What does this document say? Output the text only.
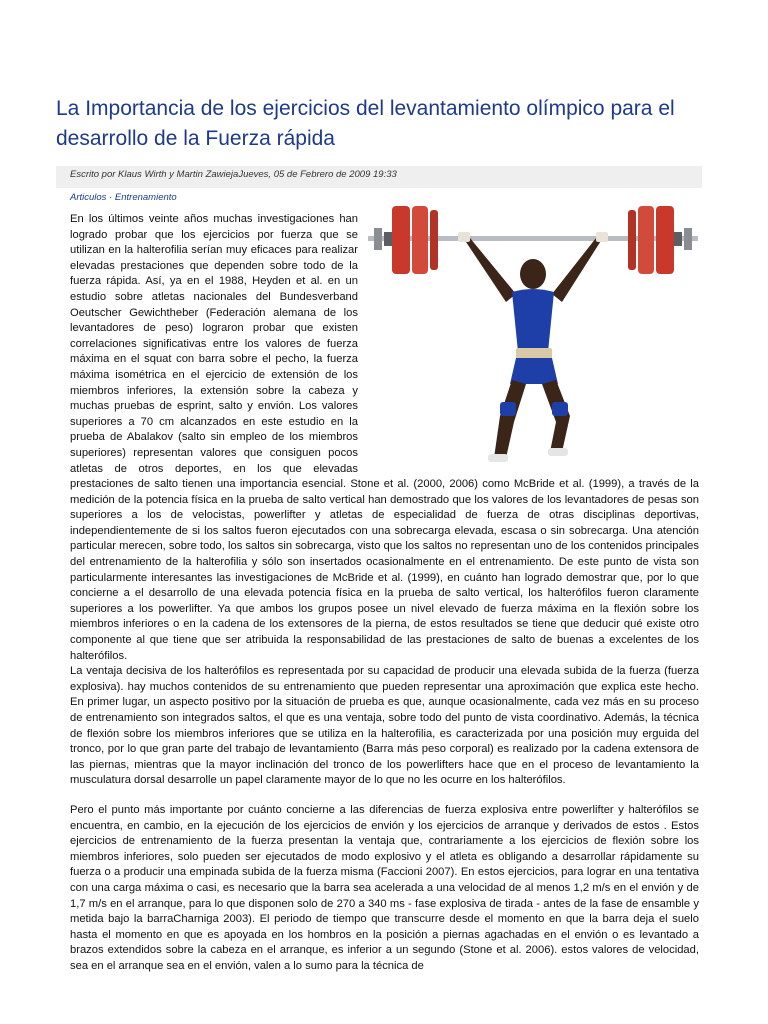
La Importancia de los ejercicios del levantamiento olímpico para el desarrollo de la Fuerza rápida
Escrito por Klaus Wirth y Martin ZawiejaJueves, 05 de Febrero de 2009 19:33
Articulos · Entrenamiento

En los últimos veinte años muchas investigaciones han logrado probar que los ejercicios por fuerza que se utilizan en la halterofilia serían muy eficaces para realizar elevadas prestaciones que dependen sobre todo de la fuerza rápida. Así, ya en el 1988, Heyden et al. en un estudio sobre atletas nacionales del Bundesverband Oeutscher Gewichtheber (Federación alemana de los levantadores de peso) lograron probar que existen correlaciones significativas entre los valores de fuerza máxima en el squat con barra sobre el pecho, la fuerza máxima isométrica en el ejercicio de extensión de los miembros inferiores, la extensión sobre la cabeza y muchas pruebas de esprint, salto y envión. Los valores superiores a 70 cm alcanzados en este estudio en la prueba de Abalakov (salto sin empleo de los miembros superiores) representan valores que consiguen pocos atletas de otros deportes, en los que elevadas prestaciones de salto tienen una importancia esencial. Stone et al. (2000, 2006) como McBride et al. (1999), a través de la medición de la potencia física en la prueba de salto vertical han demostrado que los valores de los levantadores de pesas son superiores a los de velocistas, powerlifter y atletas de especialidad de fuerza de otras disciplinas deportivas, independientemente de si los saltos fueron ejecutados con una sobrecarga elevada, escasa o sin sobrecarga. Una atención particular merecen, sobre todo, los saltos sin sobrecarga, visto que los saltos no representan uno de los contenidos principales del entrenamiento de la halterofilia y sólo son insertados ocasionalmente en el entrenamiento. De este punto de vista son particularmente interesantes las investigaciones de McBride et al. (1999), en cuánto han logrado demostrar que, por lo que concierne a el desarrollo de una elevada potencia física en la prueba de salto vertical, los halterófilos fueron claramente superiores a los powerlifter. Ya que ambos los grupos posee un nivel elevado de fuerza máxima en la flexión sobre los miembros inferiores o en la cadena de los extensores de la pierna, de estos resultados se tiene que deducir qué existe otro componente al que tiene que ser atribuida la responsabilidad de las prestaciones de salto de buenas a excelentes de los halterófilos.

La ventaja decisiva de los halterófilos es representada por su capacidad de producir una elevada subida de la fuerza (fuerza explosiva). hay muchos contenidos de su entrenamiento que pueden representar una aproximación que explica este hecho. En primer lugar, un aspecto positivo por la situación de prueba es que, aunque ocasionalmente, cada vez más en su proceso de entrenamiento son integrados saltos, el que es una ventaja, sobre todo del punto de vista coordinativo. Además, la técnica de flexión sobre los miembros inferiores que se utiliza en la halterofilia, es caracterizada por una posición muy erguida del tronco, por lo que gran parte del trabajo de levantamiento (Barra más peso corporal) es realizado por la cadena extensora de las piernas, mientras que la mayor inclinación del tronco de los powerlifters hace que en el proceso de levantamiento la musculatura dorsal desarrolle un papel claramente mayor de lo que no les ocurre en los halterófilos.

Pero el punto más importante por cuánto concierne a las diferencias de fuerza explosiva entre powerlifter y halterófilos se encuentra, en cambio, en la ejecución de los ejercicios de envión y los ejercicios de arranque y derivados de estos . Estos ejercicios de entrenamiento de la fuerza presentan la ventaja que, contrariamente a los ejercicios de flexión sobre los miembros inferiores, solo pueden ser ejecutados de modo explosivo y el atleta es obligando a desarrollar rápidamente su fuerza o a producir una empinada subida de la fuerza misma (Faccioni 2007). En estos ejercicios, para lograr en una tentativa con una carga máxima o casi, es necesario que la barra sea acelerada a una velocidad de al menos 1,2 m/s en el envión y de 1,7 m/s en el arranque, para lo que disponen solo de 270 a 340 ms - fase explosiva de tirada - antes de la fase de ensamble y metida bajo la barraCharniga 2003). El periodo de tiempo que transcurre desde el momento en que la barra deja el suelo hasta el momento en que es apoyada en los hombros en la posición a piernas agachadas en el envión o es levantado a brazos extendidos sobre la cabeza en el arranque, es inferior a un segundo (Stone et al. 2006). estos valores de velocidad, sea en el arranque sea en el envión, valen a lo sumo para la técnica de
